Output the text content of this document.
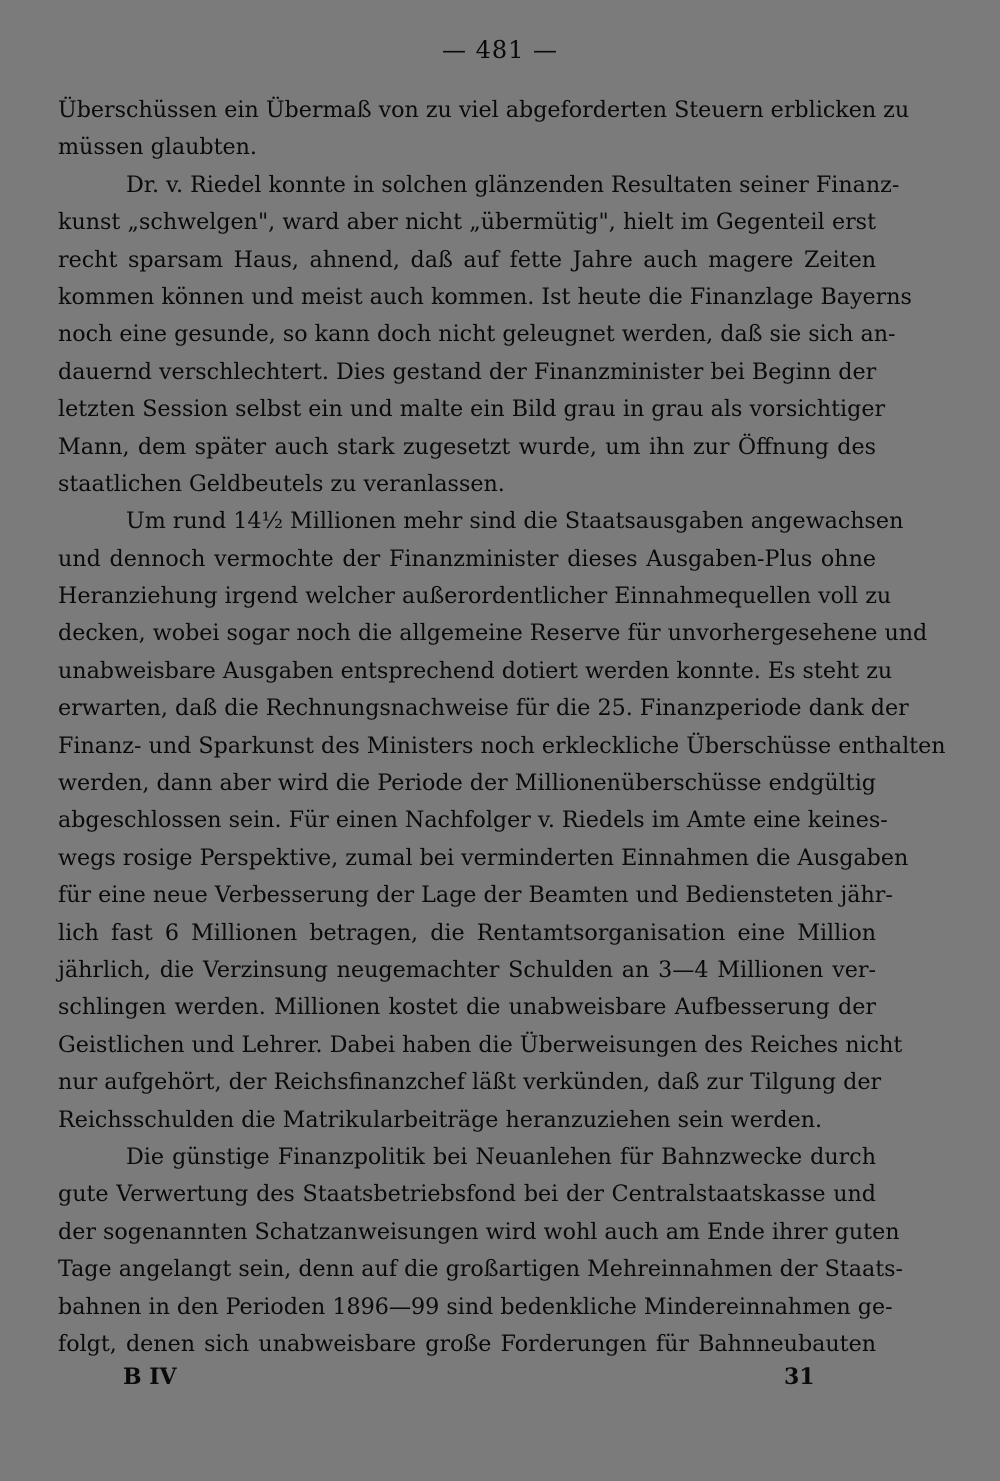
— 481 —
Überschüssen ein Übermaß von zu viel abgeforderten Steuern erblicken zu
müssen glaubten.
Dr. v. Riedel konnte in solchen glänzenden Resultaten seiner Finanz-
kunst „schwelgen", ward aber nicht „übermütig", hielt im Gegenteil erst
recht sparsam Haus, ahnend, daß auf fette Jahre auch magere Zeiten
kommen können und meist auch kommen. Ist heute die Finanzlage Bayerns
noch eine gesunde, so kann doch nicht geleugnet werden, daß sie sich an-
dauernd verschlechtert. Dies gestand der Finanzminister bei Beginn der
letzten Session selbst ein und malte ein Bild grau in grau als vorsichtiger
Mann, dem später auch stark zugesetzt wurde, um ihn zur Öffnung des
staatlichen Geldbeutels zu veranlassen.
Um rund 14½ Millionen mehr sind die Staatsausgaben angewachsen
und dennoch vermochte der Finanzminister dieses Ausgaben-Plus ohne
Heranziehung irgend welcher außerordentlicher Einnahmequellen voll zu
decken, wobei sogar noch die allgemeine Reserve für unvorhergesehene und
unabweisbare Ausgaben entsprechend dotiert werden konnte. Es steht zu
erwarten, daß die Rechnungsnachweise für die 25. Finanzperiode dank der
Finanz- und Sparkunst des Ministers noch erkleckliche Überschüsse enthalten
werden, dann aber wird die Periode der Millionenüberschüsse endgültig
abgeschlossen sein. Für einen Nachfolger v. Riedels im Amte eine keines-
wegs rosige Perspektive, zumal bei verminderten Einnahmen die Ausgaben
für eine neue Verbesserung der Lage der Beamten und Bediensteten jähr-
lich fast 6 Millionen betragen, die Rentamtsorganisation eine Million
jährlich, die Verzinsung neugemachter Schulden an 3—4 Millionen ver-
schlingen werden. Millionen kostet die unabweisbare Aufbesserung der
Geistlichen und Lehrer. Dabei haben die Überweisungen des Reiches nicht
nur aufgehört, der Reichsfinanzchef läßt verkünden, daß zur Tilgung der
Reichsschulden die Matrikularbeiträge heranzuziehen sein werden.
Die günstige Finanzpolitik bei Neuanlehen für Bahnzwecke durch
gute Verwertung des Staatsbetriebsfond bei der Centralstaatskasse und
der sogenannten Schatzanweisungen wird wohl auch am Ende ihrer guten
Tage angelangt sein, denn auf die großartigen Mehreinnahmen der Staats-
bahnen in den Perioden 1896—99 sind bedenkliche Mindereinnahmen ge-
folgt, denen sich unabweisbare große Forderungen für Bahnneubauten
B IV	31
